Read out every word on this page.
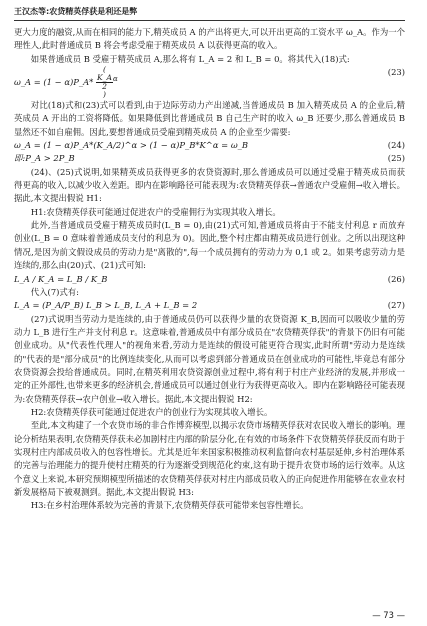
王汉杰等:农贷精英俘获是利还是弊

更大力度的融资,从而在相同的能力下,精英成员 A 的产出将更大,可以开出更高的工资水平 ω_A。作为一个理性人,此时普通成员 B 将会考虑受雇于精英成员 A 以获得更高的收入。

如果普通成员 B 受雇于精英成员 A,那么将有 L_A = 2 和 L_B = 0。将其代入(18)式:

ω_A = (1 − α)P_A* (
K_A
2
)$^\alpha$
(23)

对比(18)式和(23)式可以看到,由于边际劳动力产出递减,当普通成员 B 加入精英成员 A 的企业后,精英成员 A 开出的工资将降低。如果降低到比普通成员 B 自己生产时的收入 ω_B 还要少,那么普通成员 B 显然还不如自雇佣。因此,要想普通成员受雇到精英成员 A 的企业至少需要:

ω_A = (1 − α)P_A*(K_A/2)^α > (1 − α)P_B*K^α = ω_B	(24)
即:P_A > 2P_B	(25)

(24)、(25)式说明,如果精英成员获得更多的农贷资源时,那么普通成员可以通过受雇于精英成员而获得更高的收入,以减少收入差距。即内在影响路径可能表现为:农贷精英俘获→普通农户受雇佣→收入增长。据此,本文提出假说 H1:

H1:农贷精英俘获可能通过促进农户的受雇佣行为实现其收入增长。

此外,当普通成员受雇于精英成员时(L_B = 0),由(21)式可知,普通成员将由于不能支付利息 r 而放弃创业(L_B = 0 意味着普通成员支付的利息为 0)。因此,整个村庄都由精英成员进行创业。之所以出现这种情况,是因为前文假设成员的劳动力是"离散的",每一个成员拥有的劳动力为 0,1 或 2。如果考虑劳动力是连续的,那么由(20)式、(21)式可知:

L_A / K_A = L_B / K_B	(26)

代入(7)式有:

L_A = (P_A/P_B) L_B > L_B, L_A + L_B = 2	(27)

(27)式说明当劳动力是连续的,由于普通成员仍可以获得少量的农贷资源 K_B,因而可以吸收少量的劳动力 L_B 进行生产并支付利息 r。这意味着,普通成员中有部分成员在"农贷精英俘获"的背景下仍旧有可能创业成功。从"代表性代理人"的视角来看,劳动力是连续的假设可能更符合现实,此时所谓"劳动力是连续的"代表的是"部分成员"的比例连续变化,从而可以考虑到部分普通成员在创业成功的可能性,毕竟总有部分农贷资源会投给普通成员。同时,在精英利用农贷资源创业过程中,将有利于村庄产业经济的发展,并形成一定的正外部性,也带来更多的经济机会,普通成员可以通过创业行为获得更高收入。即内在影响路径可能表现为:农贷精英俘获→农户创业→收入增长。据此,本文提出假说 H2:

H2:农贷精英俘获可能通过促进农户的创业行为实现其收入增长。

至此,本文构建了一个农贷市场的非合作博弈模型,以揭示农贷市场精英俘获对农民收入增长的影响。理论分析结果表明,农贷精英俘获未必加剧村庄内部的阶层分化,在有效的市场条件下农贷精英俘获反而有助于实现村庄内部成员收入的包容性增长。尤其是近年来国家积极推动权利监督向农村基层延伸,乡村治理体系的完善与治理能力的提升使村庄精英的行为逐渐受到规范化约束,这有助于提升农贷市场的运行效率。从这个意义上来说,本研究预期模型所描述的农贷精英俘获对村庄内部成员收入的正向促进作用能够在农业农村新发展格局下被观测到。据此,本文提出假说 H3:

H3:在乡村治理体系较为完善的背景下,农贷精英俘获可能带来包容性增长。

— 73 —
